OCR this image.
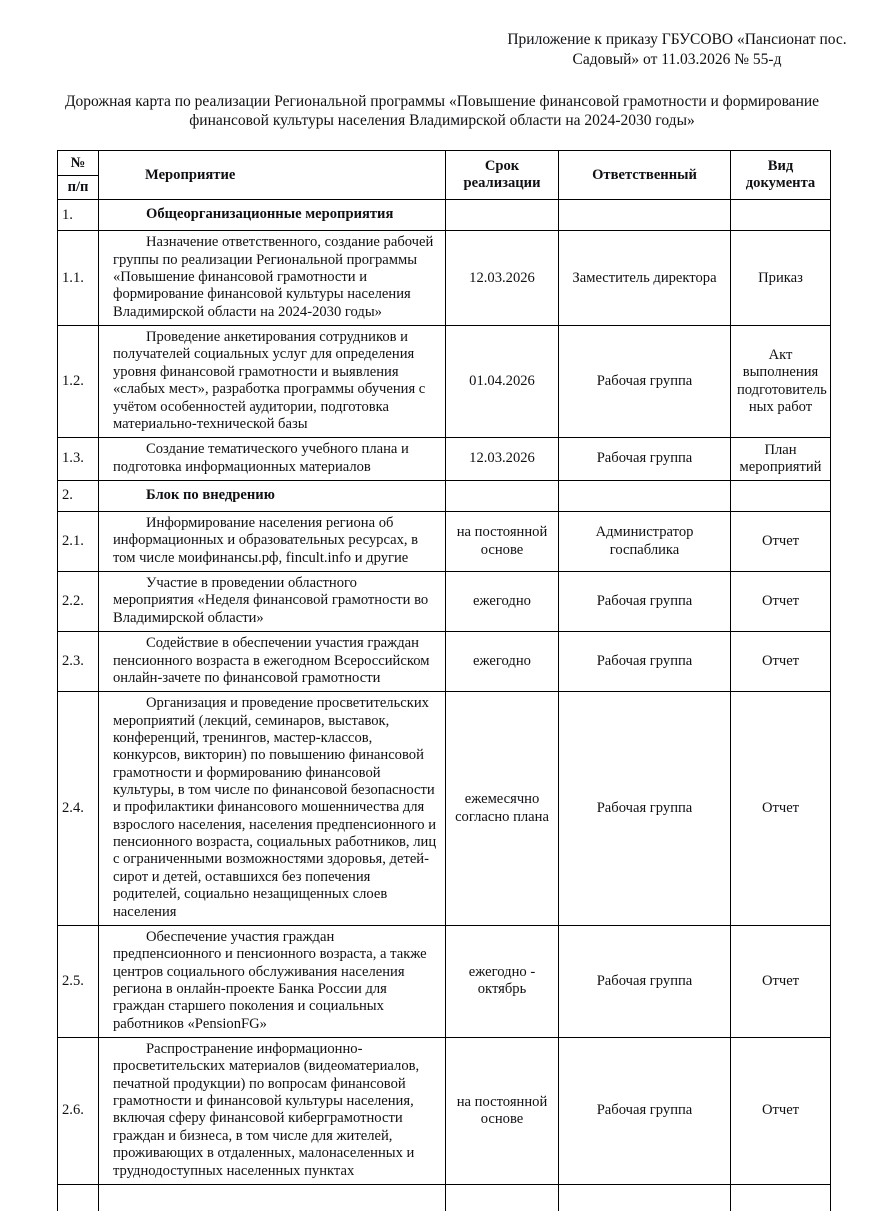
Приложение к приказу ГБУСОВО «Пансионат пос. Садовый» от 11.03.2026 № 55-д
Дорожная карта по реализации Региональной программы «Повышение финансовой грамотности и формирование финансовой культуры населения Владимирской области на 2024-2030 годы»
№
п/п	Мероприятие	Срок реализации	Ответственный	Вид документа
1.	Общеорганизационные мероприятия			
1.1.	Назначение ответственного, создание рабочей группы по реализации Региональной программы «Повышение финансовой грамотности и формирование финансовой культуры населения Владимирской области на 2024-2030 годы»	12.03.2026	Заместитель директора	Приказ
1.2.	Проведение анкетирования сотрудников и получателей социальных услуг для определения уровня финансовой грамотности и выявления «слабых мест», разработка программы обучения с учётом особенностей аудитории, подготовка материально-технической базы	01.04.2026	Рабочая группа	Акт выполнения подготовитель ных работ
1.3.	Создание тематического учебного плана и подготовка информационных материалов	12.03.2026	Рабочая группа	План мероприятий
2.	Блок по внедрению			
2.1.	Информирование населения региона об информационных и образовательных ресурсах, в том числе моифинансы.рф, fincult.info и другие	на постоянной основе	Администратор госпаблика	Отчет
2.2.	Участие в проведении областного мероприятия «Неделя финансовой грамотности во Владимирской области»	ежегодно	Рабочая группа	Отчет
2.3.	Содействие в обеспечении участия граждан пенсионного возраста в ежегодном Всероссийском онлайн-зачете по финансовой грамотности	ежегодно	Рабочая группа	Отчет
2.4.	Организация и проведение просветительских мероприятий (лекций, семинаров, выставок, конференций, тренингов, мастер-классов, конкурсов, викторин) по повышению финансовой грамотности и формированию финансовой культуры, в том числе по финансовой безопасности и профилактики финансового мошенничества для взрослого населения, населения предпенсионного и пенсионного возраста, социальных работников, лиц с ограниченными возможностями здоровья, детей-сирот и детей, оставшихся без попечения родителей, социально незащищенных слоев населения	ежемесячно согласно плана	Рабочая группа	Отчет
2.5.	Обеспечение участия граждан предпенсионного и пенсионного возраста, а также центров социального обслуживания населения региона в онлайн-проекте Банка России для граждан старшего поколения и социальных работников «PensionFG»	ежегодно - октябрь	Рабочая группа	Отчет
2.6.	Распространение информационно-просветительских материалов (видеоматериалов, печатной продукции) по вопросам финансовой грамотности и финансовой культуры населения, включая сферу финансовой киберграмотности граждан и бизнеса, в том числе для жителей, проживающих в отдаленных, малонаселенных и труднодоступных населенных пунктах	на постоянной основе	Рабочая группа	Отчет
